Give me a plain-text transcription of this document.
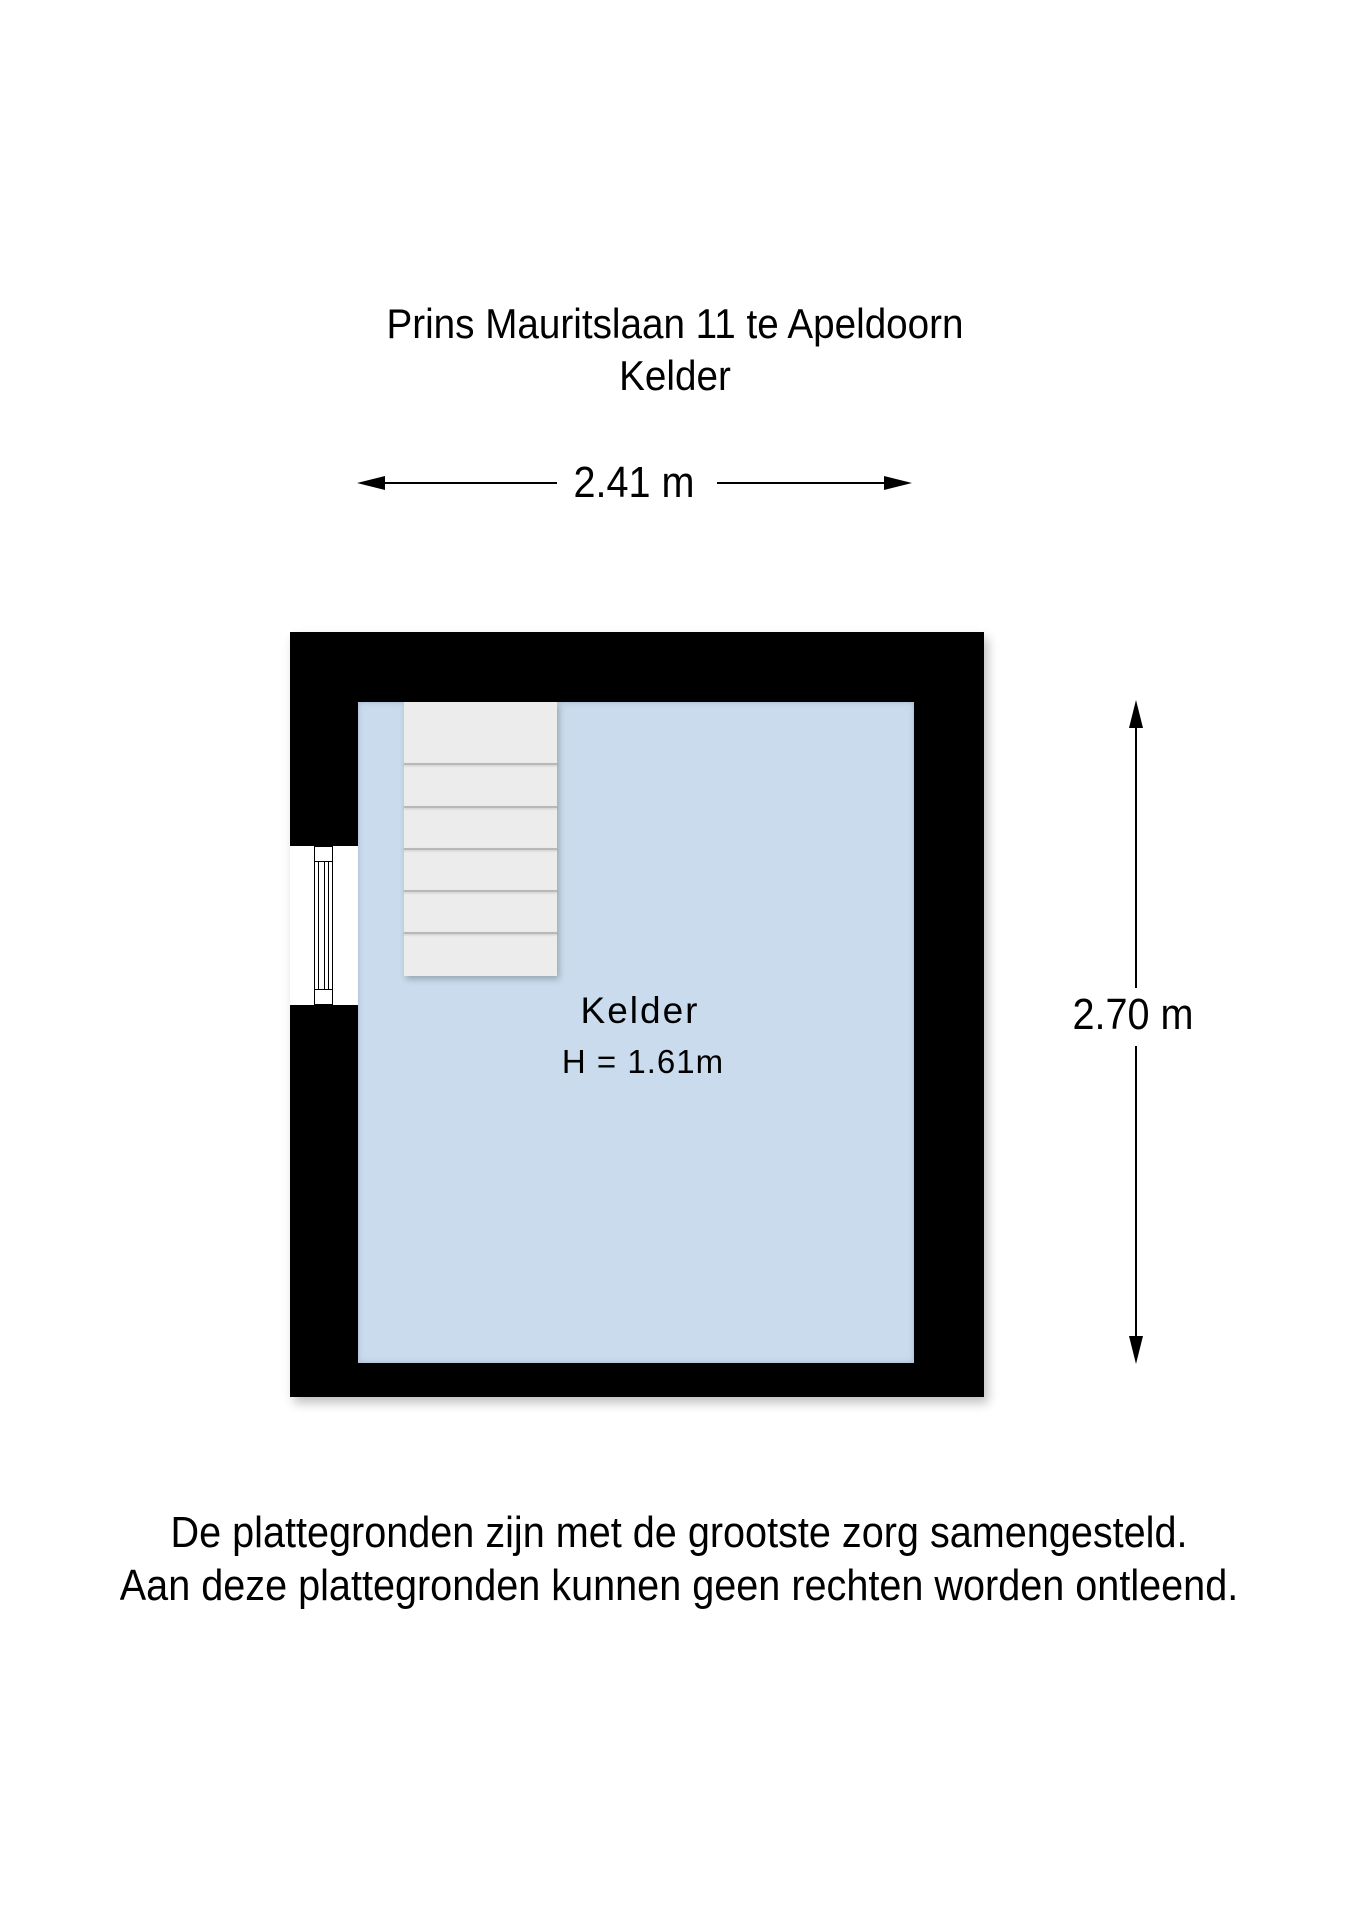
Prins Mauritslaan 11 te Apeldoorn
Kelder
2.41 m
Kelder
H = 1.61m
2.70 m
De plattegronden zijn met de grootste zorg samengesteld.
Aan deze plattegronden kunnen geen rechten worden ontleend.
